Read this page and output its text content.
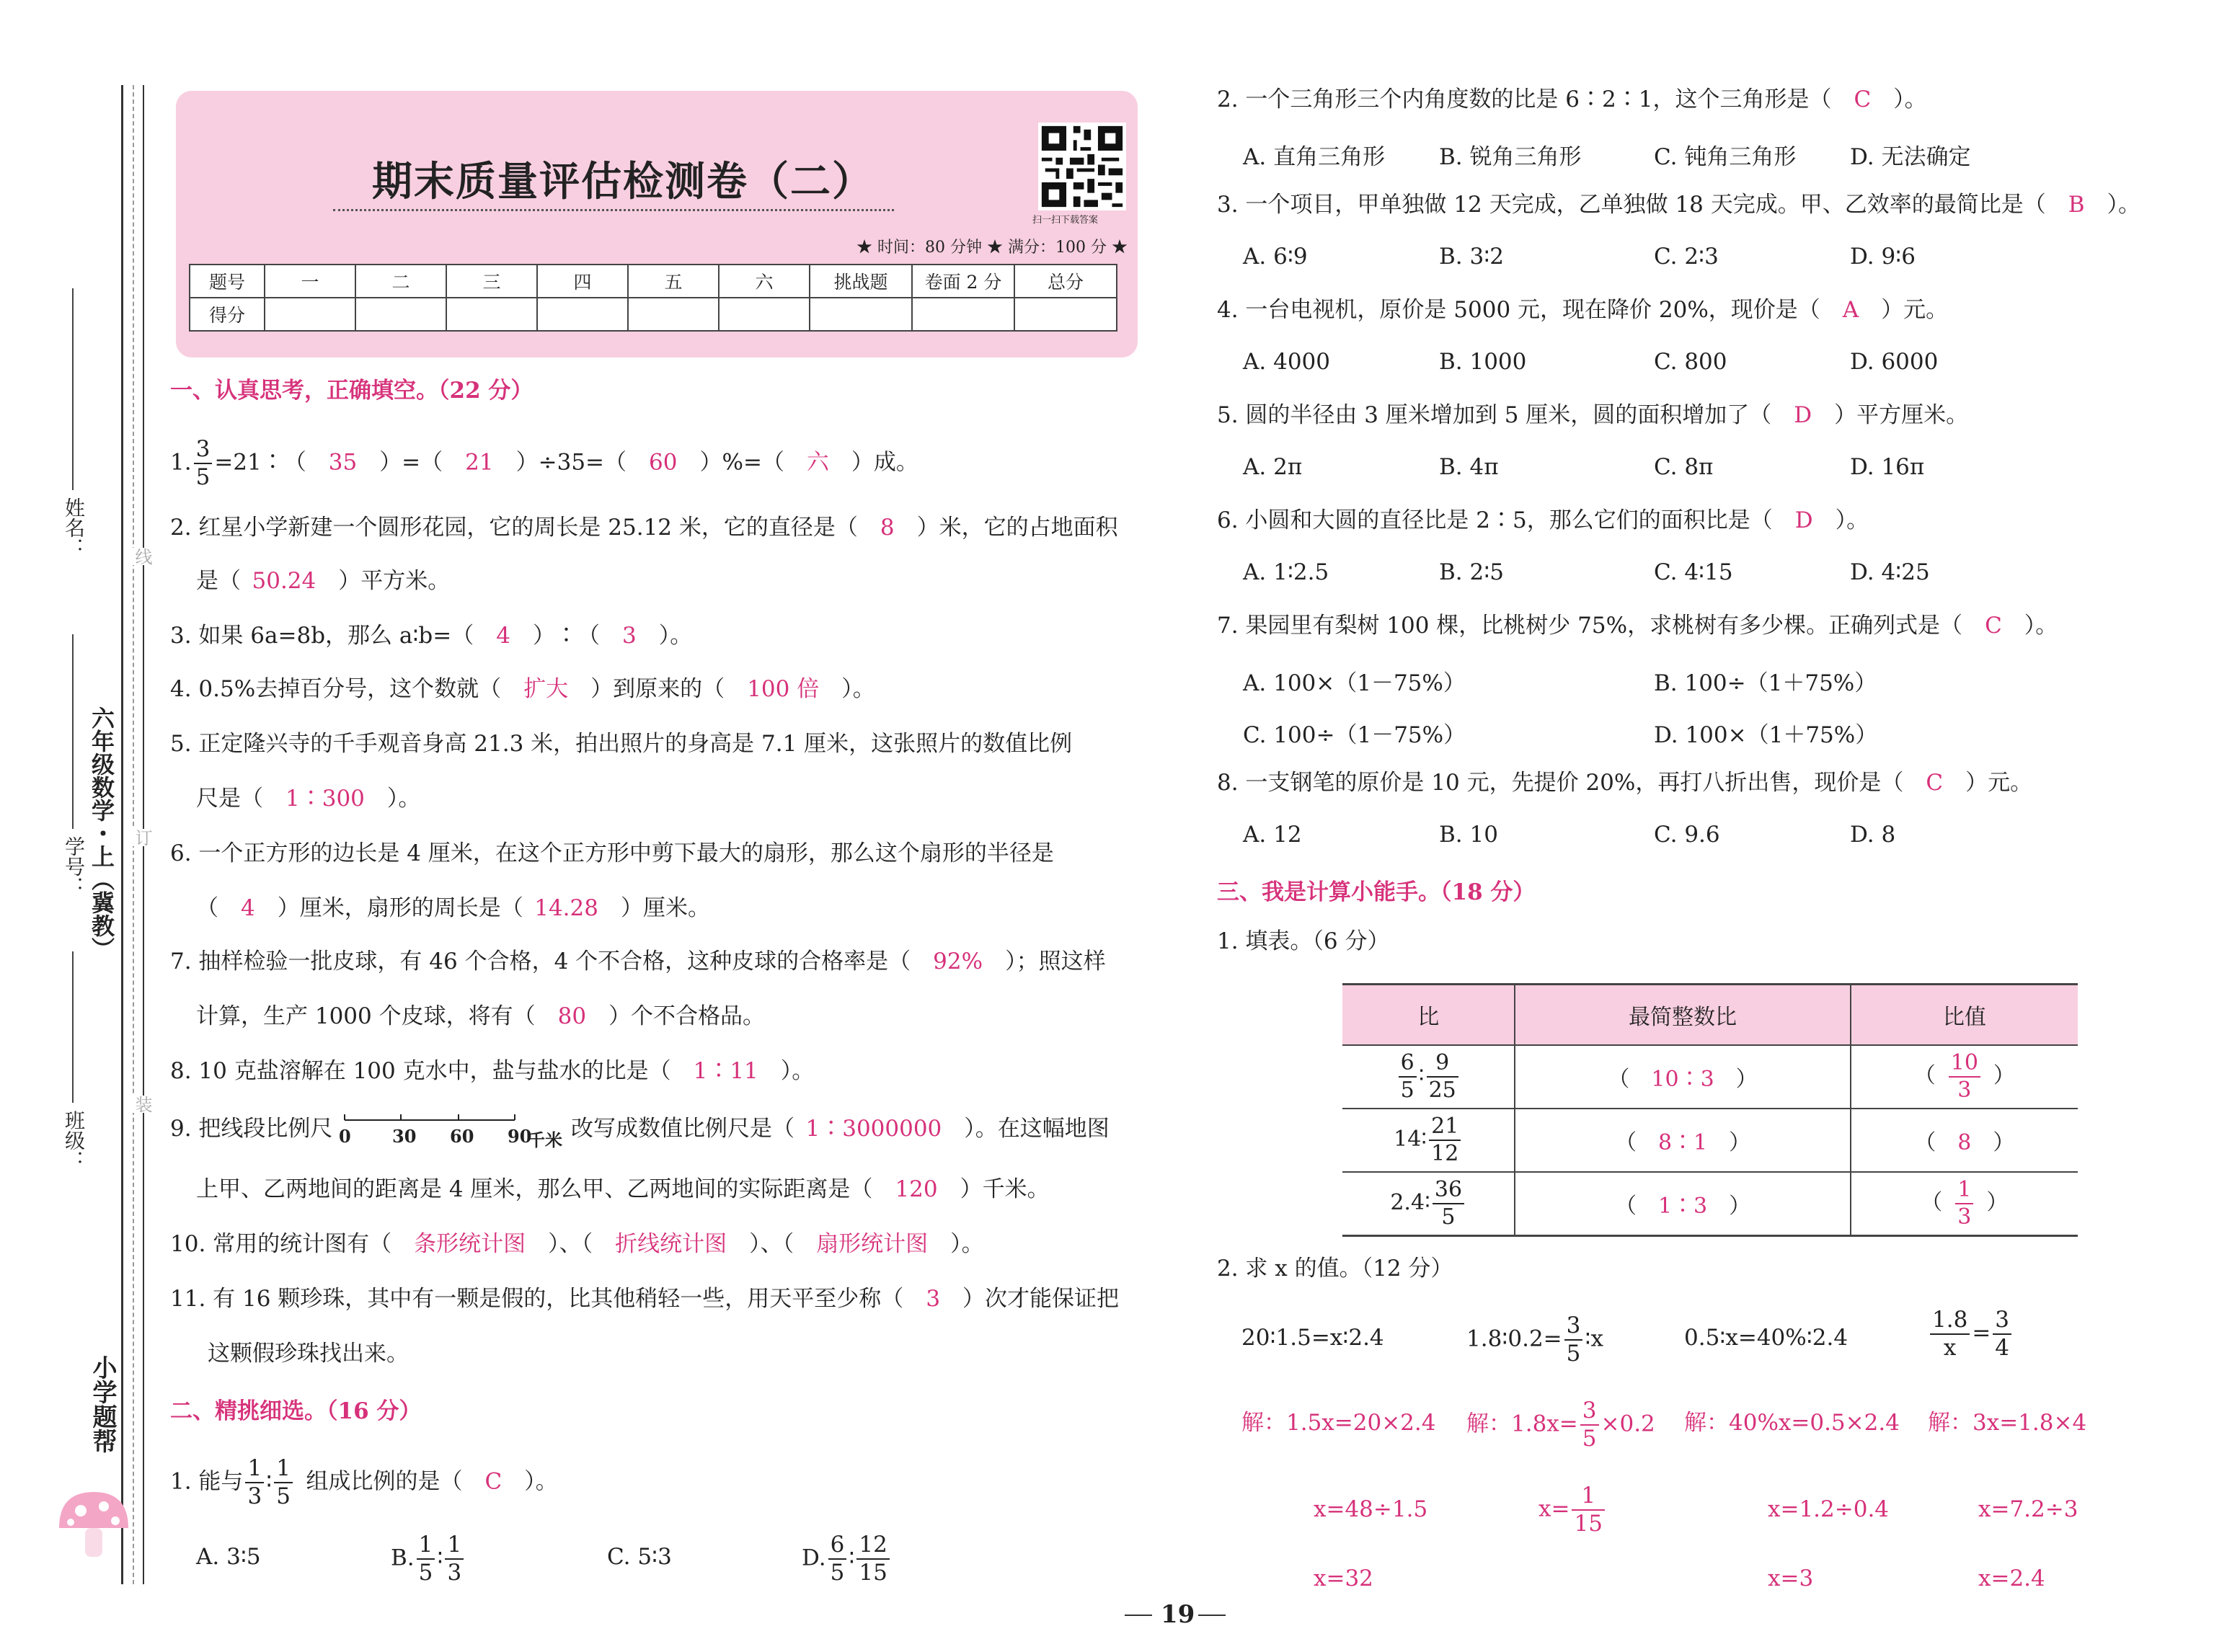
姓名：
学号：
班级：
六年级数学・上（冀教）
小学题帮
线
订
装
期末质量评估检测卷（二）
扫一扫下载答案
★ 时间：80 分钟 ★ 满分：100 分 ★
题号	一	二	三	四	五	六	挑战题	卷面 2 分	总分
得分									
一、认真思考，正确填空。（22 分）
1. $\frac{3}{5}$ =21∶（  35  ）=（  21  ）÷35=（  60  ）%=（  六  ）成。
2. 红星小学新建一个圆形花园，它的周长是 25.12 米，它的直径是（  8  ）米，它的占地面积
是（  50.24  ）平方米。
3. 如果 6a=8b，那么 a∶b=（  4  ）∶（  3  ）。
4. 0.5%去掉百分号，这个数就（  扩大  ）到原来的（  100 倍  ）。
5. 正定隆兴寺的千手观音身高 21.3 米，拍出照片的身高是 7.1 厘米，这张照片的数值比例
尺是（  1∶300  ）。
6. 一个正方形的边长是 4 厘米，在这个正方形中剪下最大的扇形，那么这个扇形的半径是
（  4  ）厘米，扇形的周长是（  14.28  ）厘米。
7. 抽样检验一批皮球，有 46 个合格，4 个不合格，这种皮球的合格率是（  92%  ）；照这样
计算，生产 1000 个皮球，将有（  80  ）个不合格品。
8. 10 克盐溶解在 100 克水中，盐与盐水的比是（  1∶11  ）。
9. 把线段比例尺 0 30 60 90
千米 改写成数值比例尺是（  1∶3000000  ）。在这幅地图
上甲、乙两地间的距离是 4 厘米，那么甲、乙两地间的实际距离是（  120  ）千米。
10. 常用的统计图有（  条形统计图  ）、（  折线统计图  ）、（  扇形统计图  ）。
11. 有 16 颗珍珠，其中有一颗是假的，比其他稍轻一些，用天平至少称（  3  ）次才能保证把
这颗假珍珠找出来。
二、精挑细选。（16 分）
1. 能与 $\frac{1}{3}$ ∶ $\frac{1}{5}$
  组成比例的是（  C  ）。
A. 3∶5	B. $\frac{1}{5}$ ∶ $\frac{1}{3}$	C. 5∶3	D. $\frac{6}{5}$ ∶ $\frac{12}{15}$
2. 一个三角形三个内角度数的比是 6∶2∶1，这个三角形是（  C  ）。
A. 直角三角形 B. 锐角三角形	C. 钝角三角形 D. 无法确定
3. 一个项目，甲单独做 12 天完成，乙单独做 18 天完成。甲、乙效率的最简比是（  B  ）。
A. 6∶9	B. 3∶2	C. 2∶3	D. 9∶6
4. 一台电视机，原价是 5000 元，现在降价 20%，现价是（  A  ）元。
A. 4000	B. 1000	C. 800	D. 6000
5. 圆的半径由 3 厘米增加到 5 厘米，圆的面积增加了（  D  ）平方厘米。
A. 2π	B. 4π	C. 8π	D. 16π
6. 小圆和大圆的直径比是 2∶5，那么它们的面积比是（  D  ）。
A. 1∶2.5	B. 2∶5	C. 4∶15	D. 4∶25
7. 果园里有梨树 100 棵，比桃树少 75%，求桃树有多少棵。正确列式是（  C  ）。
A. 100×（1－75%）	B. 100÷（1＋75%）
C. 100÷（1－75%）	D. 100×（1＋75%）
8. 一支钢笔的原价是 10 元，先提价 20%，再打八折出售，现价是（  C  ）元。
A. 12	B. 10	C. 9.6	D. 8
三、我是计算小能手。（18 分）
1. 填表。（6 分）
比	最简整数比	比值

$\frac{6}{5}$ ∶ $\frac{9}{25}$	（ 10∶3 ）	（  $\frac{10}{3}$  ）
14∶ $\frac{21}{12}$	（ 8∶1 ）	（ 8 ）
2.4∶ $\frac{36}{5}$	（ 1∶3 ）	（  $\frac{1}{3}$  ）
2. 求 x 的值。（12 分）
20∶1.5=x∶2.4
解：1.5x=20×2.4
x=48÷1.5
x=32
1.8∶0.2= $\frac{3}{5}$ ∶x
解：$1.8x= \frac{3}{5} \times 0.2$
$x= \frac{1}{15}$
0.5∶x=40%∶2.4
解：40%x=0.5×2.4
x=1.2÷0.4
x=3
$\frac{1.8}{x} = \frac{3}{4}$
解：3x=1.8×4
x=7.2÷3
x=2.4
19
